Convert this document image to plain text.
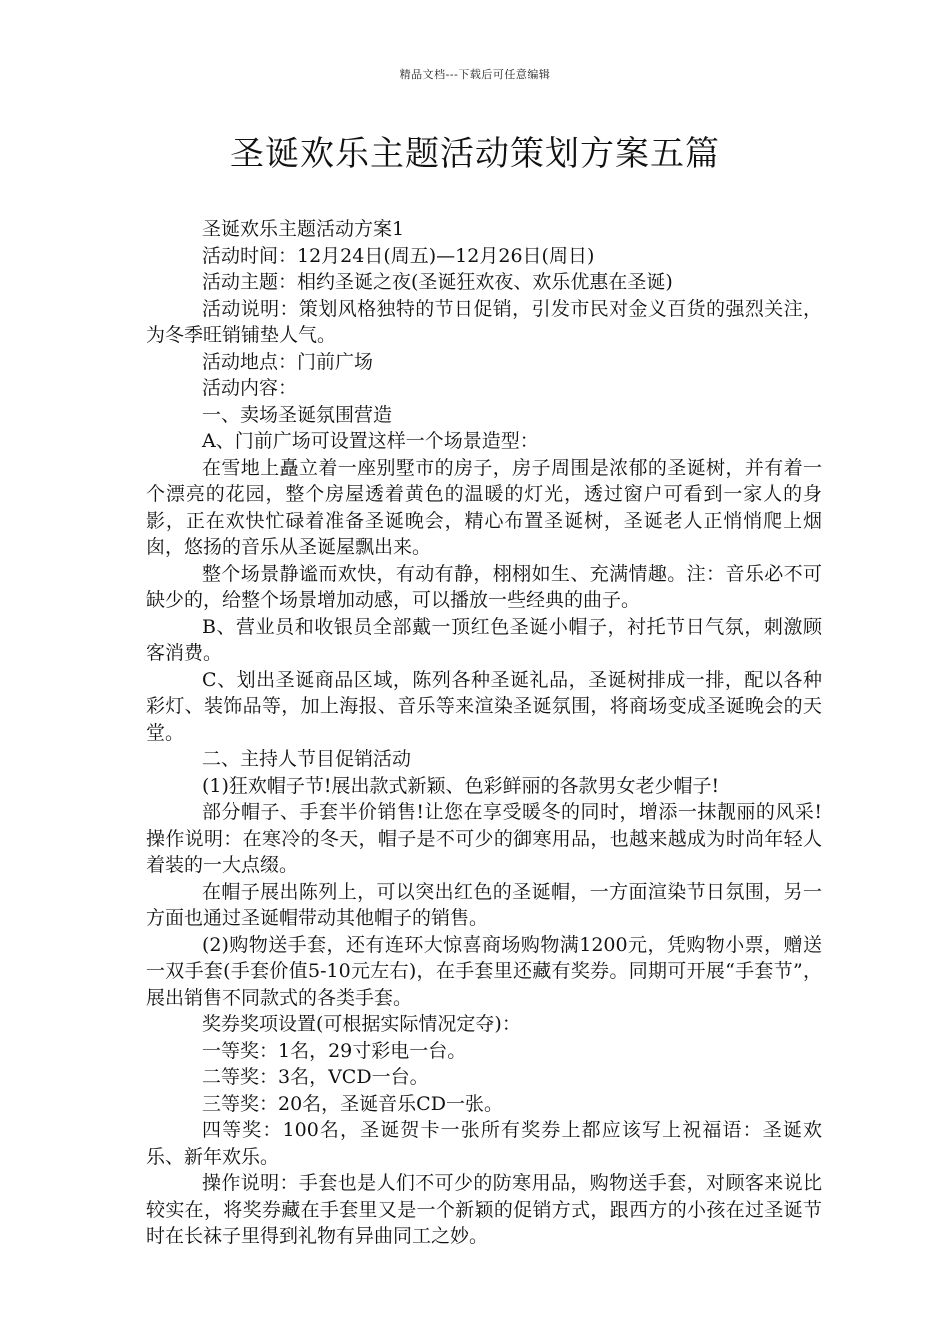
精品文档---下载后可任意编辑
圣诞欢乐主题活动策划方案五篇

圣诞欢乐主题活动方案1

活动时间：12月24日(周五)—12月26日(周日)

活动主题：相约圣诞之夜(圣诞狂欢夜、欢乐优惠在圣诞)

活动说明：策划风格独特的节日促销，引发市民对金义百货的强烈关注，为冬季旺销铺垫人气。

活动地点：门前广场

活动内容：

一、卖场圣诞氛围营造

A、门前广场可设置这样一个场景造型：

在雪地上矗立着一座别墅市的房子，房子周围是浓郁的圣诞树，并有着一个漂亮的花园，整个房屋透着黄色的温暖的灯光，透过窗户可看到一家人的身影，正在欢快忙碌着准备圣诞晚会，精心布置圣诞树，圣诞老人正悄悄爬上烟囱，悠扬的音乐从圣诞屋飘出来。

整个场景静谧而欢快，有动有静，栩栩如生、充满情趣。注：音乐必不可缺少的，给整个场景增加动感，可以播放一些经典的曲子。

B、营业员和收银员全部戴一顶红色圣诞小帽子，衬托节日气氛，刺激顾客消费。

C、划出圣诞商品区域，陈列各种圣诞礼品，圣诞树排成一排，配以各种彩灯、装饰品等，加上海报、音乐等来渲染圣诞氛围，将商场变成圣诞晚会的天堂。

二、主持人节目促销活动

(1)狂欢帽子节!展出款式新颖、色彩鲜丽的各款男女老少帽子!

部分帽子、手套半价销售!让您在享受暖冬的同时，增添一抹靓丽的风采!操作说明：在寒冷的冬天，帽子是不可少的御寒用品，也越来越成为时尚年轻人着装的一大点缀。

在帽子展出陈列上，可以突出红色的圣诞帽，一方面渲染节日氛围，另一方面也通过圣诞帽带动其他帽子的销售。

(2)购物送手套，还有连环大惊喜商场购物满1200元，凭购物小票，赠送一双手套(手套价值5-10元左右)，在手套里还藏有奖券。同期可开展“手套节”，展出销售不同款式的各类手套。

奖券奖项设置(可根据实际情况定夺)：

一等奖：1名，29寸彩电一台。

二等奖：3名，VCD一台。

三等奖：20名，圣诞音乐CD一张。

四等奖：100名，圣诞贺卡一张所有奖券上都应该写上祝福语：圣诞欢乐、新年欢乐。

操作说明：手套也是人们不可少的防寒用品，购物送手套，对顾客来说比较实在，将奖券藏在手套里又是一个新颖的促销方式，跟西方的小孩在过圣诞节时在长袜子里得到礼物有异曲同工之妙。
